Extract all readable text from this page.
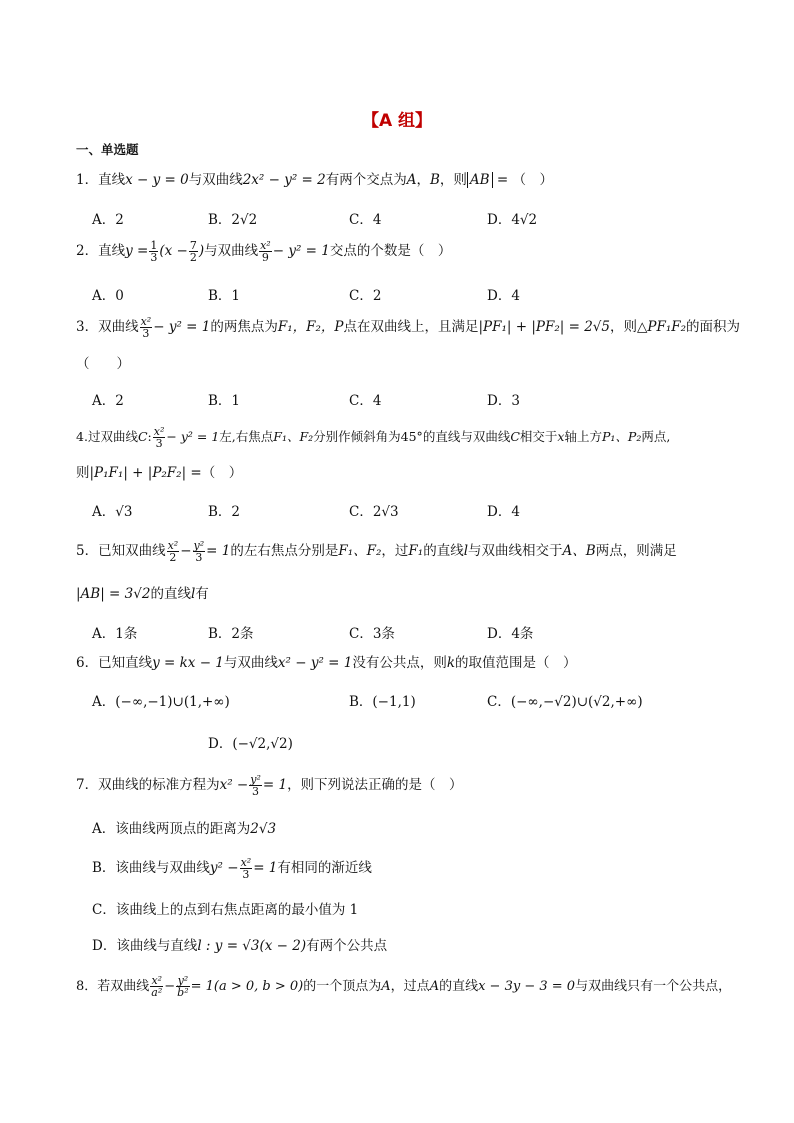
【A 组】
一、单选题
1．直线x − y = 0与双曲线2x² − y² = 2有两个交点为A，B，则 AB = （　）
A．2	B．2√2	C．4	D．4√2
2．直线$y = \frac{1}{3} (x - \frac{7}{2}$ )与双曲线 $\frac{\text{x²}}{9} - y^2 = 1$交点的个数是（　）
A．0	B．1	C．2	D．4
3．双曲线 $\frac{\text{x²}}{3} - y^2 = 1$的两焦点为F₁，F₂，P点在双曲线上，且满足|PF₁| + |PF₂| = 2√5，则△PF₁F₂的面积为
（　　）
A．2	B．1	C．4	D．3
4.过双曲线C: $\frac{\text{x²}}{3} - y^2 = 1$左,右焦点F₁、F₂分别作倾斜角为45°的直线与双曲线C相交于x轴上方P₁、P₂两点,
则|P₁F₁| + |P₂F₂| =（　）
A．√3	B．2	C．2√3	D．4
5．已知双曲线 $\frac{\text{x²}}{2} - \frac{\text{y²}}{3} = 1$的左右焦点分别是F₁、F₂，过F₁的直线l与双曲线相交于A、B两点，则满足
|AB| = 3√2的直线l有
A．1条	B．2条	C．3条	D．4条
6．已知直线y = kx − 1与双曲线x² − y² = 1没有公共点，则k的取值范围是（　）
A．(−∞,−1)∪(1,+∞)	B．(−1,1)	C．(−∞,−√2)∪(√2,+∞)
D．(−√2,√2)
7．双曲线的标准方程为$x^2 - \frac{\text{y²}}{3} = 1$，则下列说法正确的是（　）
A．该曲线两顶点的距离为2√3
B．该曲线与双曲线$y^2 - \frac{\text{x²}}{3} = 1$有相同的渐近线
C．该曲线上的点到右焦点距离的最小值为 1
D．该曲线与直线l : y = √3(x − 2)有两个公共点
8．若双曲线 $\frac{\text{x²}}{\text{a²}} - \frac{\text{y²}}{\text{b²}} = 1(a > 0$, b > 0)的一个顶点为A，过点A的直线x − 3y − 3 = 0与双曲线只有一个公共点，
